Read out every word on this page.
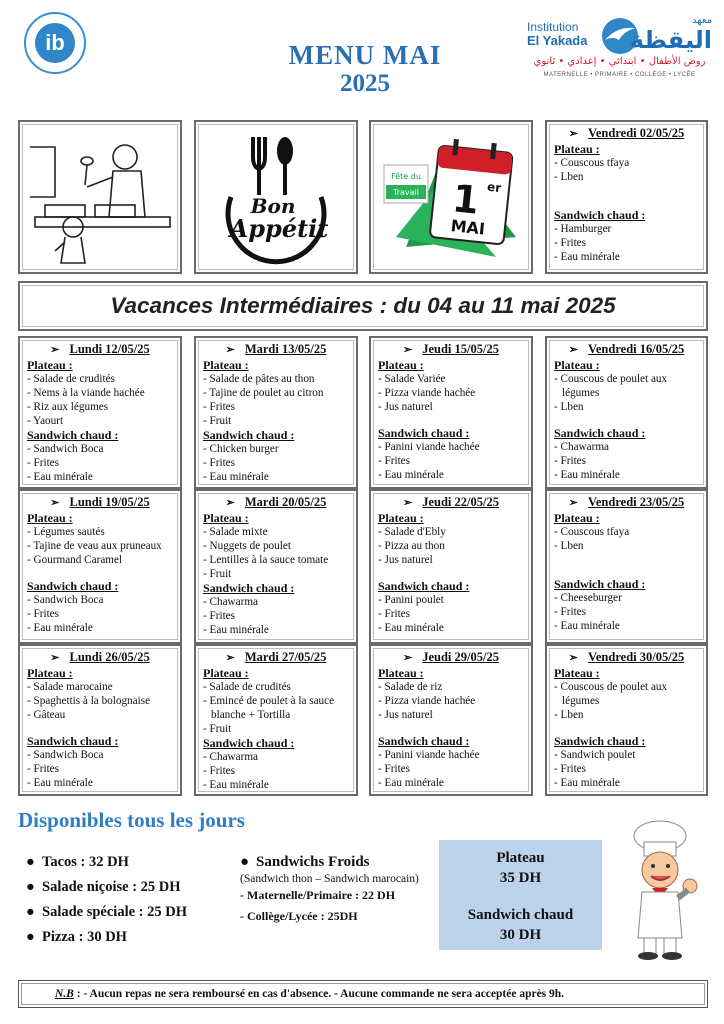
ib	MENU MAI
2025
Institution
El Yakada
معهد
اليقظة
روض الأطفال • ابتدائي • إعدادي • ثانوي
MATERNELLE • PRIMAIRE • COLLÈGE • LYCÉE
Bon
Appétit
Fête du
Travail 1 er
MAI
➢ Vendredi 02/05/25
Plateau :
- Couscous tfaya
- Lben
Sandwich chaud :
- Hamburger
- Frites
- Eau minérale
Vacances Intermédiaires : du 04 au 11 mai 2025
➢ Lundi 12/05/25
Plateau :
- Salade de crudités
- Nems à la viande hachée
- Riz aux légumes
- Yaourt
Sandwich chaud :
- Sandwich Boca
- Frites
- Eau minérale
➢ Mardi 13/05/25
Plateau :
- Salade de pâtes au thon
- Tajine de poulet au citron
- Frites
- Fruit
Sandwich chaud :
- Chicken burger
- Frites
- Eau minérale
➢ Jeudi 15/05/25
Plateau :
- Salade Variée
- Pizza viande hachée
- Jus naturel
Sandwich chaud :
- Panini viande hachée
- Frites
- Eau minérale
➢ Vendredi 16/05/25
Plateau :
- Couscous de poulet aux
légumes
- Lben
Sandwich chaud :
- Chawarma
- Frites
- Eau minérale
➢ Lundi 19/05/25
Plateau :
- Légumes sautés
- Tajine de veau aux pruneaux
- Gourmand Caramel
Sandwich chaud :
- Sandwich Boca
- Frites
- Eau minérale
➢ Mardi 20/05/25
Plateau :
- Salade mixte
- Nuggets de poulet
- Lentilles à la sauce tomate
- Fruit
Sandwich chaud :
- Chawarma
- Frites
- Eau minérale
➢ Jeudi 22/05/25
Plateau :
- Salade d'Ebly
- Pizza au thon
- Jus naturel
Sandwich chaud :
- Panini poulet
- Frites
- Eau minérale
➢ Vendredi 23/05/25
Plateau :
- Couscous tfaya
- Lben
Sandwich chaud :
- Cheeseburger
- Frites
- Eau minérale
➢ Lundi 26/05/25
Plateau :
- Salade marocaine
- Spaghettis à la bolognaise
- Gâteau
Sandwich chaud :
- Sandwich Boca
- Frites
- Eau minérale
➢ Mardi 27/05/25
Plateau :
- Salade de crudités
- Emincé de poulet à la sauce
blanche + Tortilla
- Fruit
Sandwich chaud :
- Chawarma
- Frites
- Eau minérale
➢ Jeudi 29/05/25
Plateau :
- Salade de riz
- Pizza viande hachée
- Jus naturel
Sandwich chaud :
- Panini viande hachée
- Frites
- Eau minérale
➢ Vendredi 30/05/25
Plateau :
- Couscous de poulet aux
légumes
- Lben
Sandwich chaud :
- Sandwich poulet
- Frites
- Eau minérale
Disponibles tous les jours
● Tacos : 32 DH
● Salade niçoise : 25 DH
● Salade spéciale : 25 DH
● Pizza : 30 DH
● Sandwichs Froids
(Sandwich thon – Sandwich marocain)
- Maternelle/Primaire : 22 DH
- Collège/Lycée : 25DH
Plateau
35 DH
Sandwich chaud
30 DH
N.B : - Aucun repas ne sera remboursé en cas d'absence. - Aucune commande ne sera acceptée après 9h.
